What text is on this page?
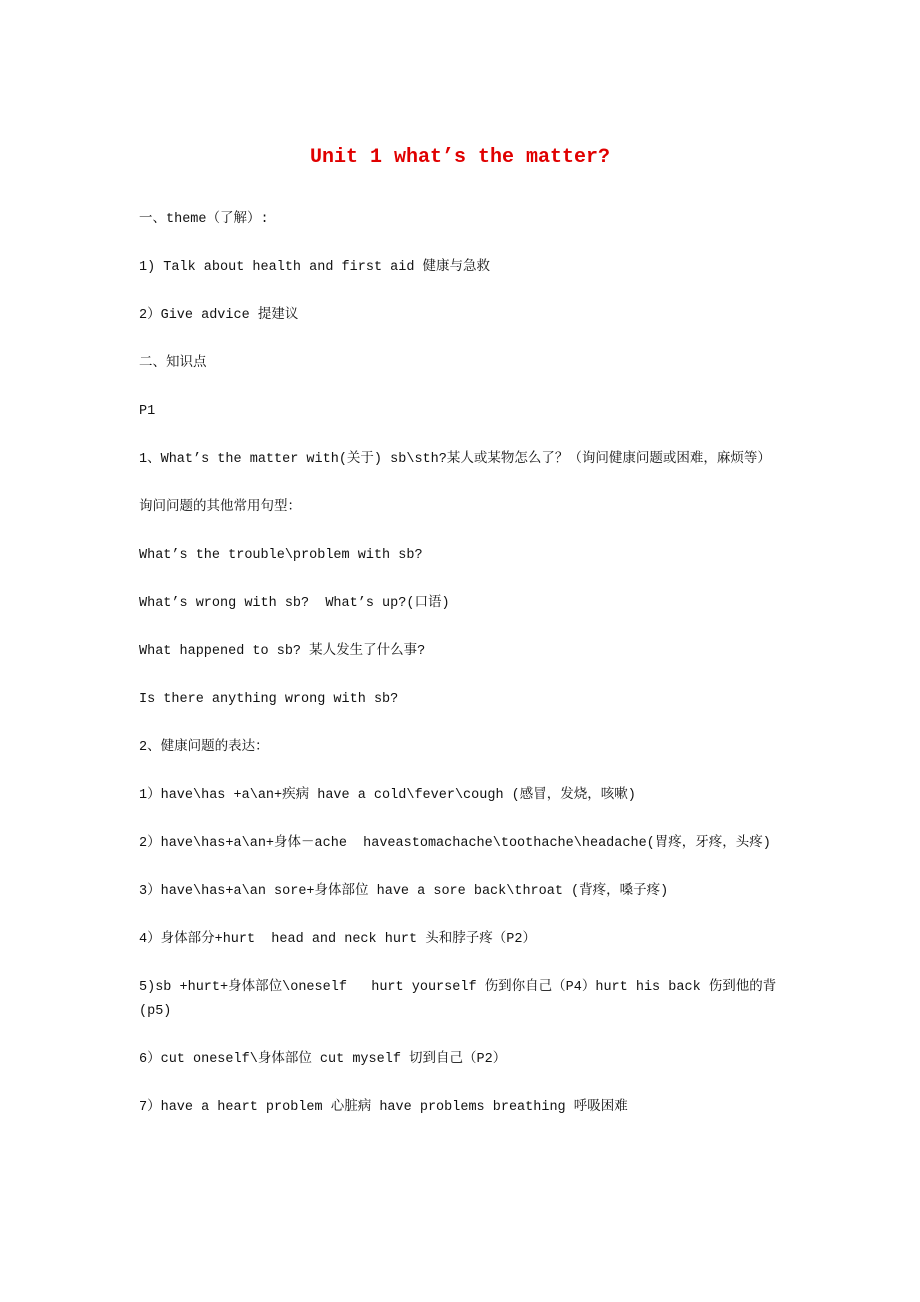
Unit 1 what’s the matter?

一、theme（了解）:

1) Talk about health and first aid 健康与急救

2）Give advice 提建议

二、知识点

P1

1、What’s the matter with(关于) sb\sth?某人或某物怎么了？（询问健康问题或困难，麻烦等）

询问问题的其他常用句型：

What’s the trouble\problem with sb?

What’s wrong with sb?  What’s up?(口语)

What happened to sb? 某人发生了什么事?

Is there anything wrong with sb?

2、健康问题的表达：

1）have\has +a\an+疾病 have a cold\fever\cough (感冒，发烧，咳嗽)

2）have\has+a\an+身体－ache  haveastomachache\toothache\headache(胃疼，牙疼，头疼)

3）have\has+a\an sore+身体部位 have a sore back\throat (背疼，嗓子疼)

4）身体部分+hurt  head and neck hurt 头和脖子疼（P2）

5)sb +hurt+身体部位\oneself   hurt yourself 伤到你自己（P4）hurt his back 伤到他的背(p5)

6）cut oneself\身体部位 cut myself 切到自己（P2）

7）have a heart problem 心脏病 have problems breathing 呼吸困难
